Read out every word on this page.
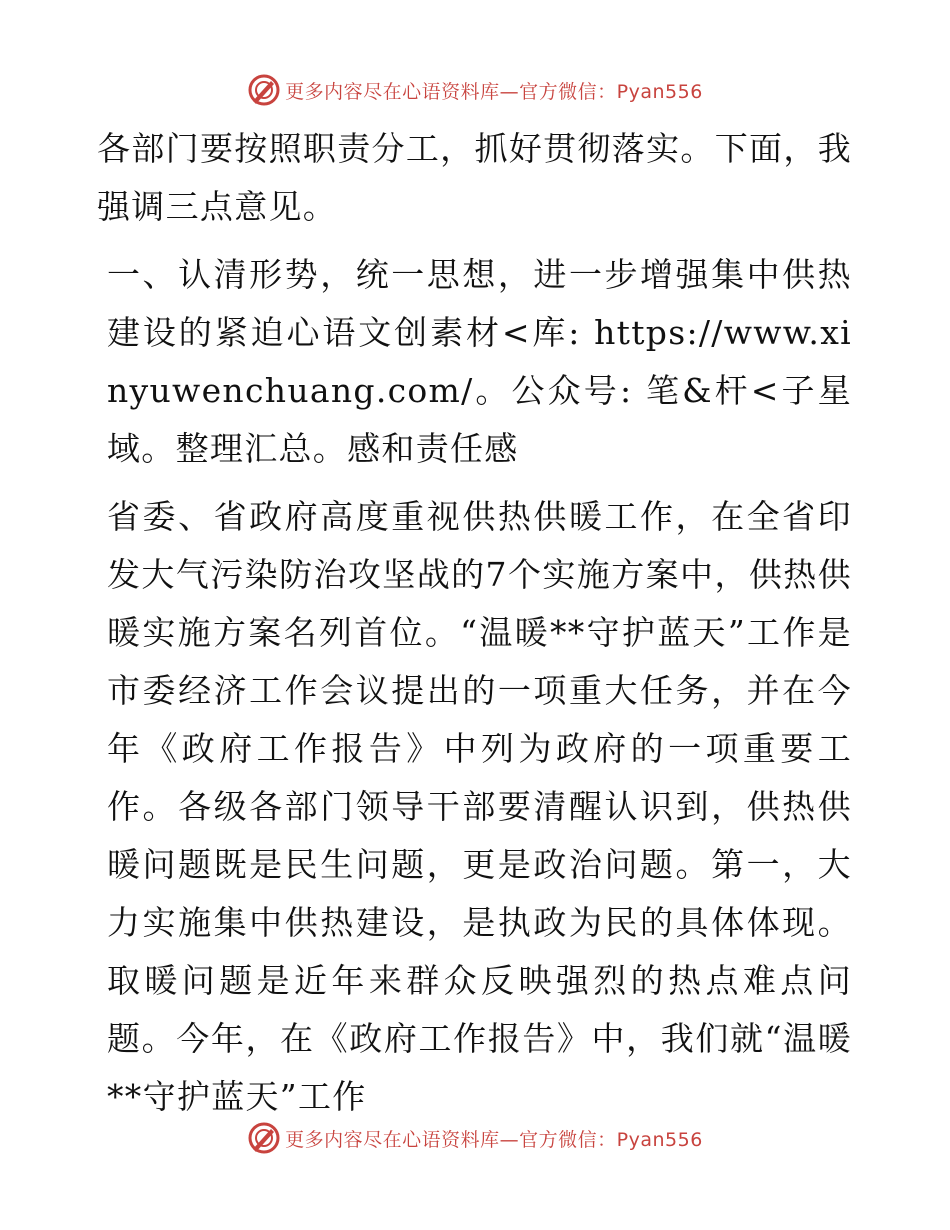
更多内容尽在心语资料库—官方微信：Pyan556

各部门要按照职责分工，抓好贯彻落实。下面，我强调三点意见。

一、认清形势，统一思想，进一步增强集中供热建设的紧迫心语文创素材<库: https://www.xinyuwenchuang.com/。公众号: 笔&杆<子星域。整理汇总。感和责任感

省委、省政府高度重视供热供暖工作，在全省印发大气污染防治攻坚战的7个实施方案中，供热供暖实施方案名列首位。“温暖**守护蓝天”工作是市委经济工作会议提出的一项重大任务，并在今年《政府工作报告》中列为政府的一项重要工作。各级各部门领导干部要清醒认识到，供热供暖问题既是民生问题，更是政治问题。第一，大力实施集中供热建设，是执政为民的具体体现。取暖问题是近年来群众反映强烈的热点难点问题。今年，在《政府工作报告》中，我们就“温暖**守护蓝天”工作

更多内容尽在心语资料库—官方微信：Pyan556
